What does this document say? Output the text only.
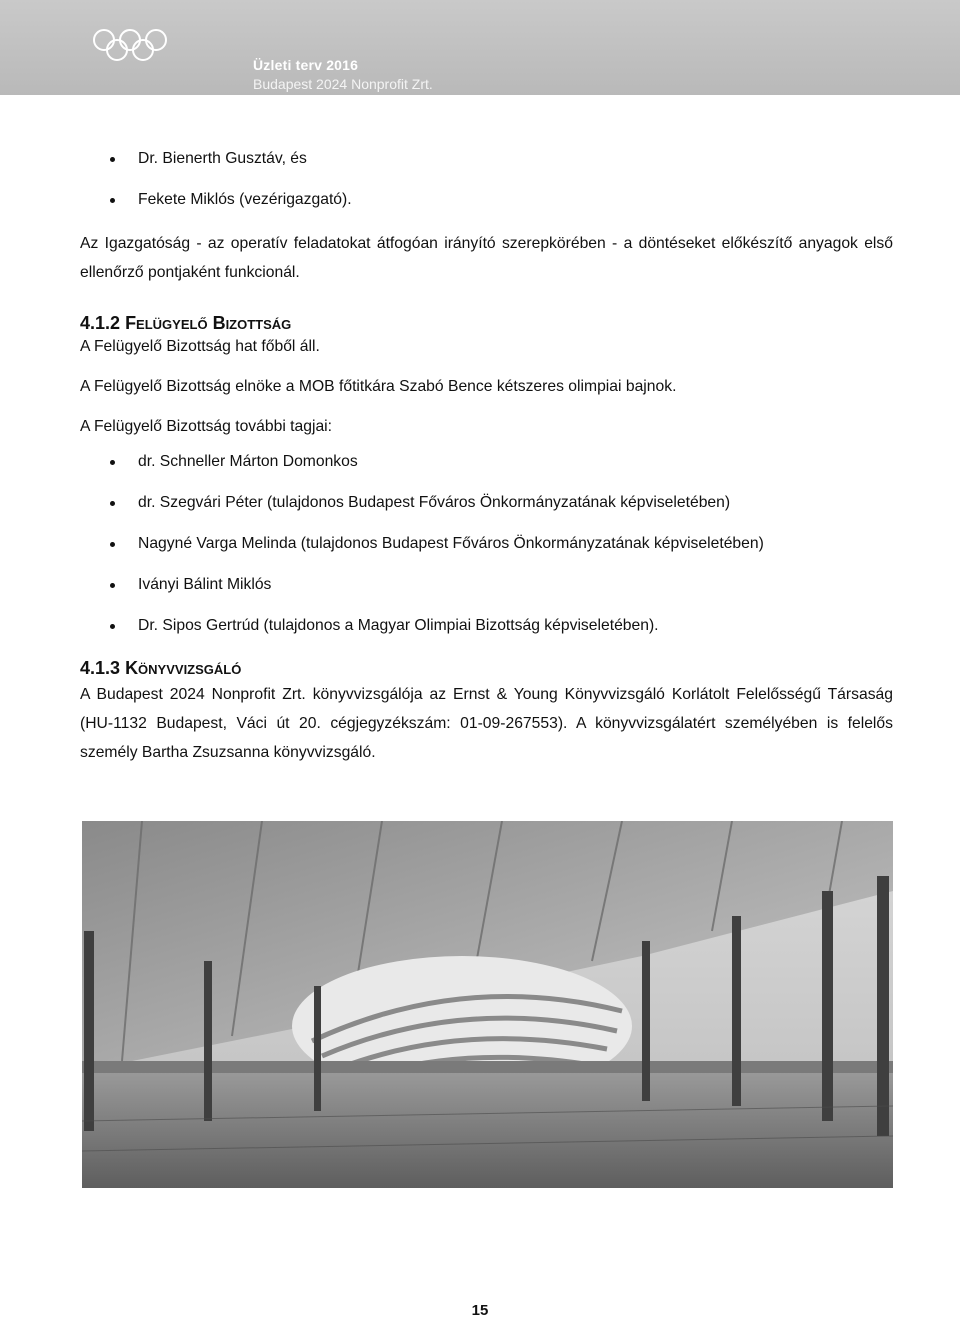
Üzleti terv 2016
Budapest 2024 Nonprofit Zrt.
Dr. Bienerth Gusztáv, és
Fekete Miklós (vezérigazgató).

Az Igazgatóság - az operatív feladatokat átfogóan irányító szerepkörében - a döntéseket előkészítő anyagok első ellenőrző pontjaként funkcionál.

4.1.2 Felügyelő Bizottság

A Felügyelő Bizottság hat főből áll.

A Felügyelő Bizottság elnöke a MOB főtitkára Szabó Bence kétszeres olimpiai bajnok.

A Felügyelő Bizottság további tagjai:

dr. Schneller Márton Domonkos
dr. Szegvári Péter (tulajdonos Budapest Főváros Önkormányzatának képviseletében)
Nagyné Varga Melinda (tulajdonos Budapest Főváros Önkormányzatának képviseletében)
Iványi Bálint Miklós
Dr. Sipos Gertrúd (tulajdonos a Magyar Olimpiai Bizottság képviseletében).
4.1.3 Könyvvizsgáló

A Budapest 2024 Nonprofit Zrt. könyvvizsgálója az Ernst & Young Könyvvizsgáló Korlátolt Felelősségű Társaság (HU-1132 Budapest, Váci út 20. cégjegyzékszám: 01-09-267553). A könyvvizsgálatért személyében is felelős személy Bartha Zsuzsanna könyvvizsgáló.

15
